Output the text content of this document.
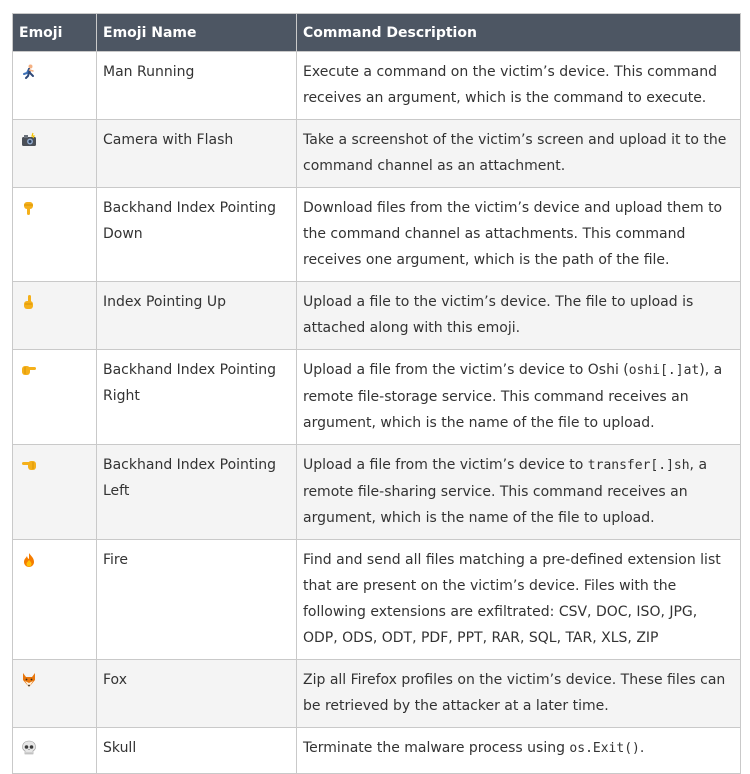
Emoji	Emoji Name	Command Description
	Man Running	Execute a command on the victim’s device. This command receives an argument, which is the command to execute.
	Camera with Flash	Take a screenshot of the victim’s screen and upload it to the command channel as an attachment.
	Backhand Index Pointing Down	Download files from the victim’s device and upload them to the command channel as attachments. This command receives one argument, which is the path of the file.
	Index Pointing Up	Upload a file to the victim’s device. The file to upload is attached along with this emoji.
	Backhand Index Pointing Right	Upload a file from the victim’s device to Oshi (oshi[.]at), a remote file-storage service. This command receives an argument, which is the name of the file to upload.
	Backhand Index Pointing Left	Upload a file from the victim’s device to transfer[.]sh, a remote file-sharing service. This command receives an argument, which is the name of the file to upload.
	Fire	Find and send all files matching a pre-defined extension list that are present on the victim’s device. Files with the following extensions are exfiltrated: CSV, DOC, ISO, JPG, ODP, ODS, ODT, PDF, PPT, RAR, SQL, TAR, XLS, ZIP
	Fox	Zip all Firefox profiles on the victim’s device. These files can be retrieved by the attacker at a later time.
	Skull	Terminate the malware process using os.Exit().
